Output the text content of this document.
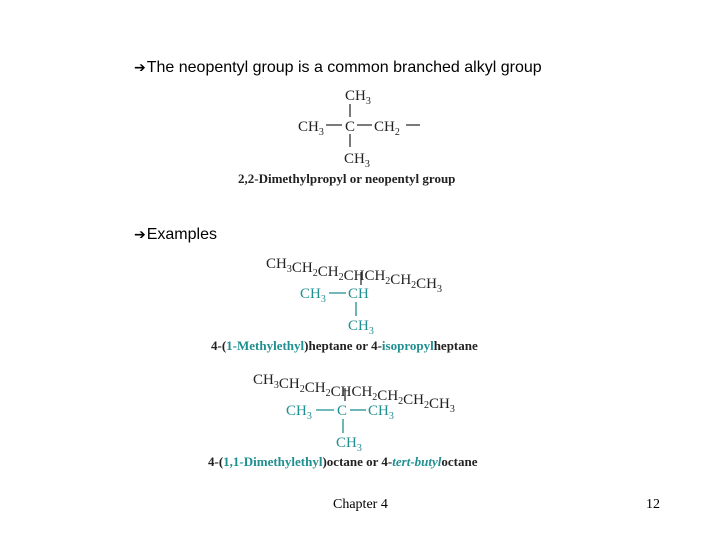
➔The neopentyl group is a common branched alkyl group
$CH_3$
$CH_3$ C $CH_2$
$CH_3$
2,2-Dimethylpropyl or neopentyl group
$CH_3CH_2CH_2CHCH_2CH_2CH_3$
$CH_3$ CH
$CH_3$
4-(1-Methylethyl)heptane or 4-isopropylheptane
$CH_3CH_2CH_2CHCH_2CH_2CH_2CH_3$
$CH_3$ C $CH_3$
$CH_3$
4-(1,1-Dimethylethyl)octane or 4-tert-butyloctane
➔Examples
Chapter 4	12
